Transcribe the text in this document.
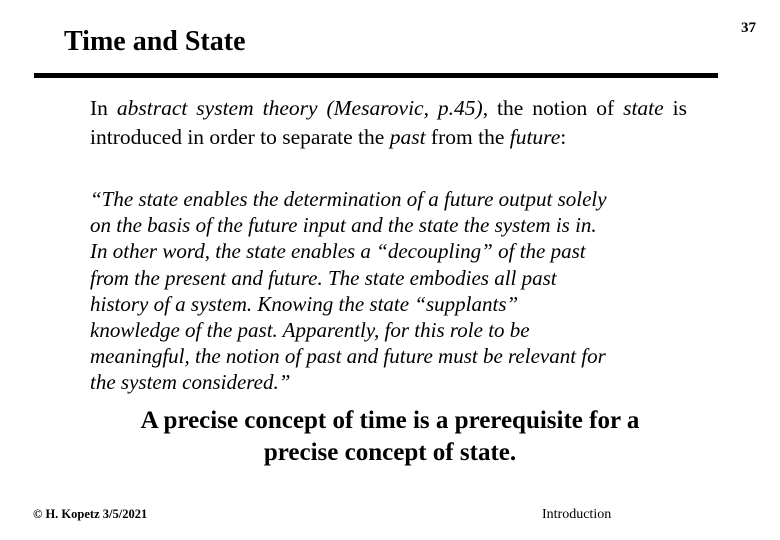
37
Time and State

In abstract system theory (Mesarovic, p.45), the notion of state is introduced in order to separate the past from the future:

“The state enables the determination of a future output solely
on the basis of the future input and the state the system is in.
In other word, the state enables a “decoupling” of the past
from the present and future. The state embodies all past
history of a system. Knowing the state “supplants”
knowledge of the past. Apparently, for this role to be
meaningful, the notion of past and future must be relevant for
the system considered.”
A precise concept of time is a prerequisite for a
precise concept of state.
© H. Kopetz 3/5/2021	Introduction
